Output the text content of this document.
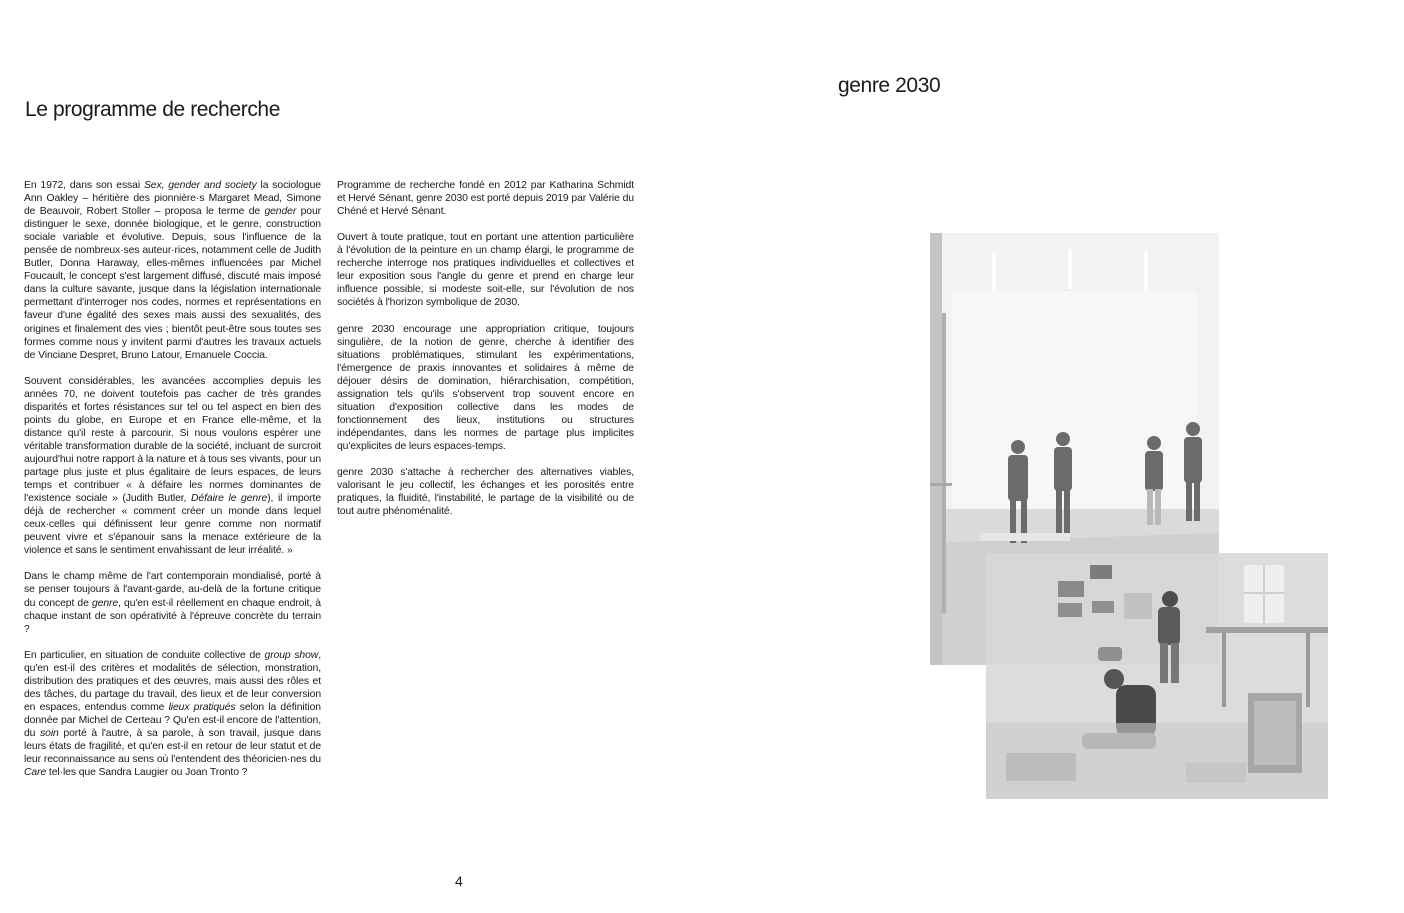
Le programme de recherche
genre 2030

En 1972, dans son essai Sex, gender and society la sociologue Ann Oakley – héritière des pionnière·s Margaret Mead, Simone de Beauvoir, Robert Stoller – proposa le terme de gender pour distinguer le sexe, donnée biologique, et le genre, construction sociale variable et évolutive. Depuis, sous l'influence de la pensée de nombreux·ses auteur·rices, notamment celle de Judith Butler, Donna Haraway, elles-mêmes influencées par Michel Foucault, le concept s'est largement diffusé, discuté mais imposé dans la culture savante, jusque dans la législation internationale permettant d'interroger nos codes, normes et représentations en faveur d'une égalité des sexes mais aussi des sexualités, des origines et finalement des vies ; bientôt peut-être sous toutes ses formes comme nous y invitent parmi d'autres les travaux actuels de Vinciane Despret, Bruno Latour, Emanuele Coccia.

Souvent considérables, les avancées accomplies depuis les années 70, ne doivent toutefois pas cacher de très grandes disparités et fortes résistances sur tel ou tel aspect en bien des points du globe, en Europe et en France elle-même, et la distance qu'il reste à parcourir. Si nous voulons espérer une véritable transformation durable de la société, incluant de surcroit aujourd'hui notre rapport à la nature et à tous ses vivants, pour un partage plus juste et plus égalitaire de leurs espaces, de leurs temps et contribuer « à défaire les normes dominantes de l'existence sociale » (Judith Butler, Défaire le genre), il importe déjà de rechercher « comment créer un monde dans lequel ceux·celles qui définissent leur genre comme non normatif peuvent vivre et s'épanouir sans la menace extérieure de la violence et sans le sentiment envahissant de leur irréalité. »

Dans le champ même de l'art contemporain mondialisé, porté à se penser toujours à l'avant-garde, au-delà de la fortune critique du concept de genre, qu'en est-il réellement en chaque endroit, à chaque instant de son opérativité à l'épreuve concrète du terrain ?

En particulier, en situation de conduite collective de group show, qu'en est-il des critères et modalités de sélection, monstration, distribution des pratiques et des œuvres, mais aussi des rôles et des tâches, du partage du travail, des lieux et de leur conversion en espaces, entendus comme lieux pratiqués selon la définition donnée par Michel de Certeau ? Qu'en est-il encore de l'attention, du soin porté à l'autre, à sa parole, à son travail, jusque dans leurs états de fragilité, et qu'en est-il en retour de leur statut et de leur reconnaissance au sens où l'entendent des théoricien·nes du Care tel·les que Sandra Laugier ou Joan Tronto ?

Programme de recherche fondé en 2012 par Katharina Schmidt et Hervé Sénant, genre 2030 est porté depuis 2019 par Valérie du Chéné et Hervé Sénant.

Ouvert à toute pratique, tout en portant une attention particulière à l'évolution de la peinture en un champ élargi, le programme de recherche interroge nos pratiques individuelles et collectives et leur exposition sous l'angle du genre et prend en charge leur influence possible, si modeste soit-elle, sur l'évolution de nos sociétés à l'horizon symbolique de 2030.

genre 2030 encourage une appropriation critique, toujours singulière, de la notion de genre, cherche à identifier des situations problématiques, stimulant les expérimentations, l'émergence de praxis innovantes et solidaires à même de déjouer désirs de domination, hiérarchisation, compétition, assignation tels qu'ils s'observent trop souvent encore en situation d'exposition collective dans les modes de fonctionnement des lieux, institutions ou structures indépendantes, dans les normes de partage plus implicites qu'explicites de leurs espaces-temps.

genre 2030 s'attache à rechercher des alternatives viables, valorisant le jeu collectif, les échanges et les porosités entre pratiques, la fluidité, l'instabilité, le partage de la visibilité ou de tout autre phénoménalité.

4
